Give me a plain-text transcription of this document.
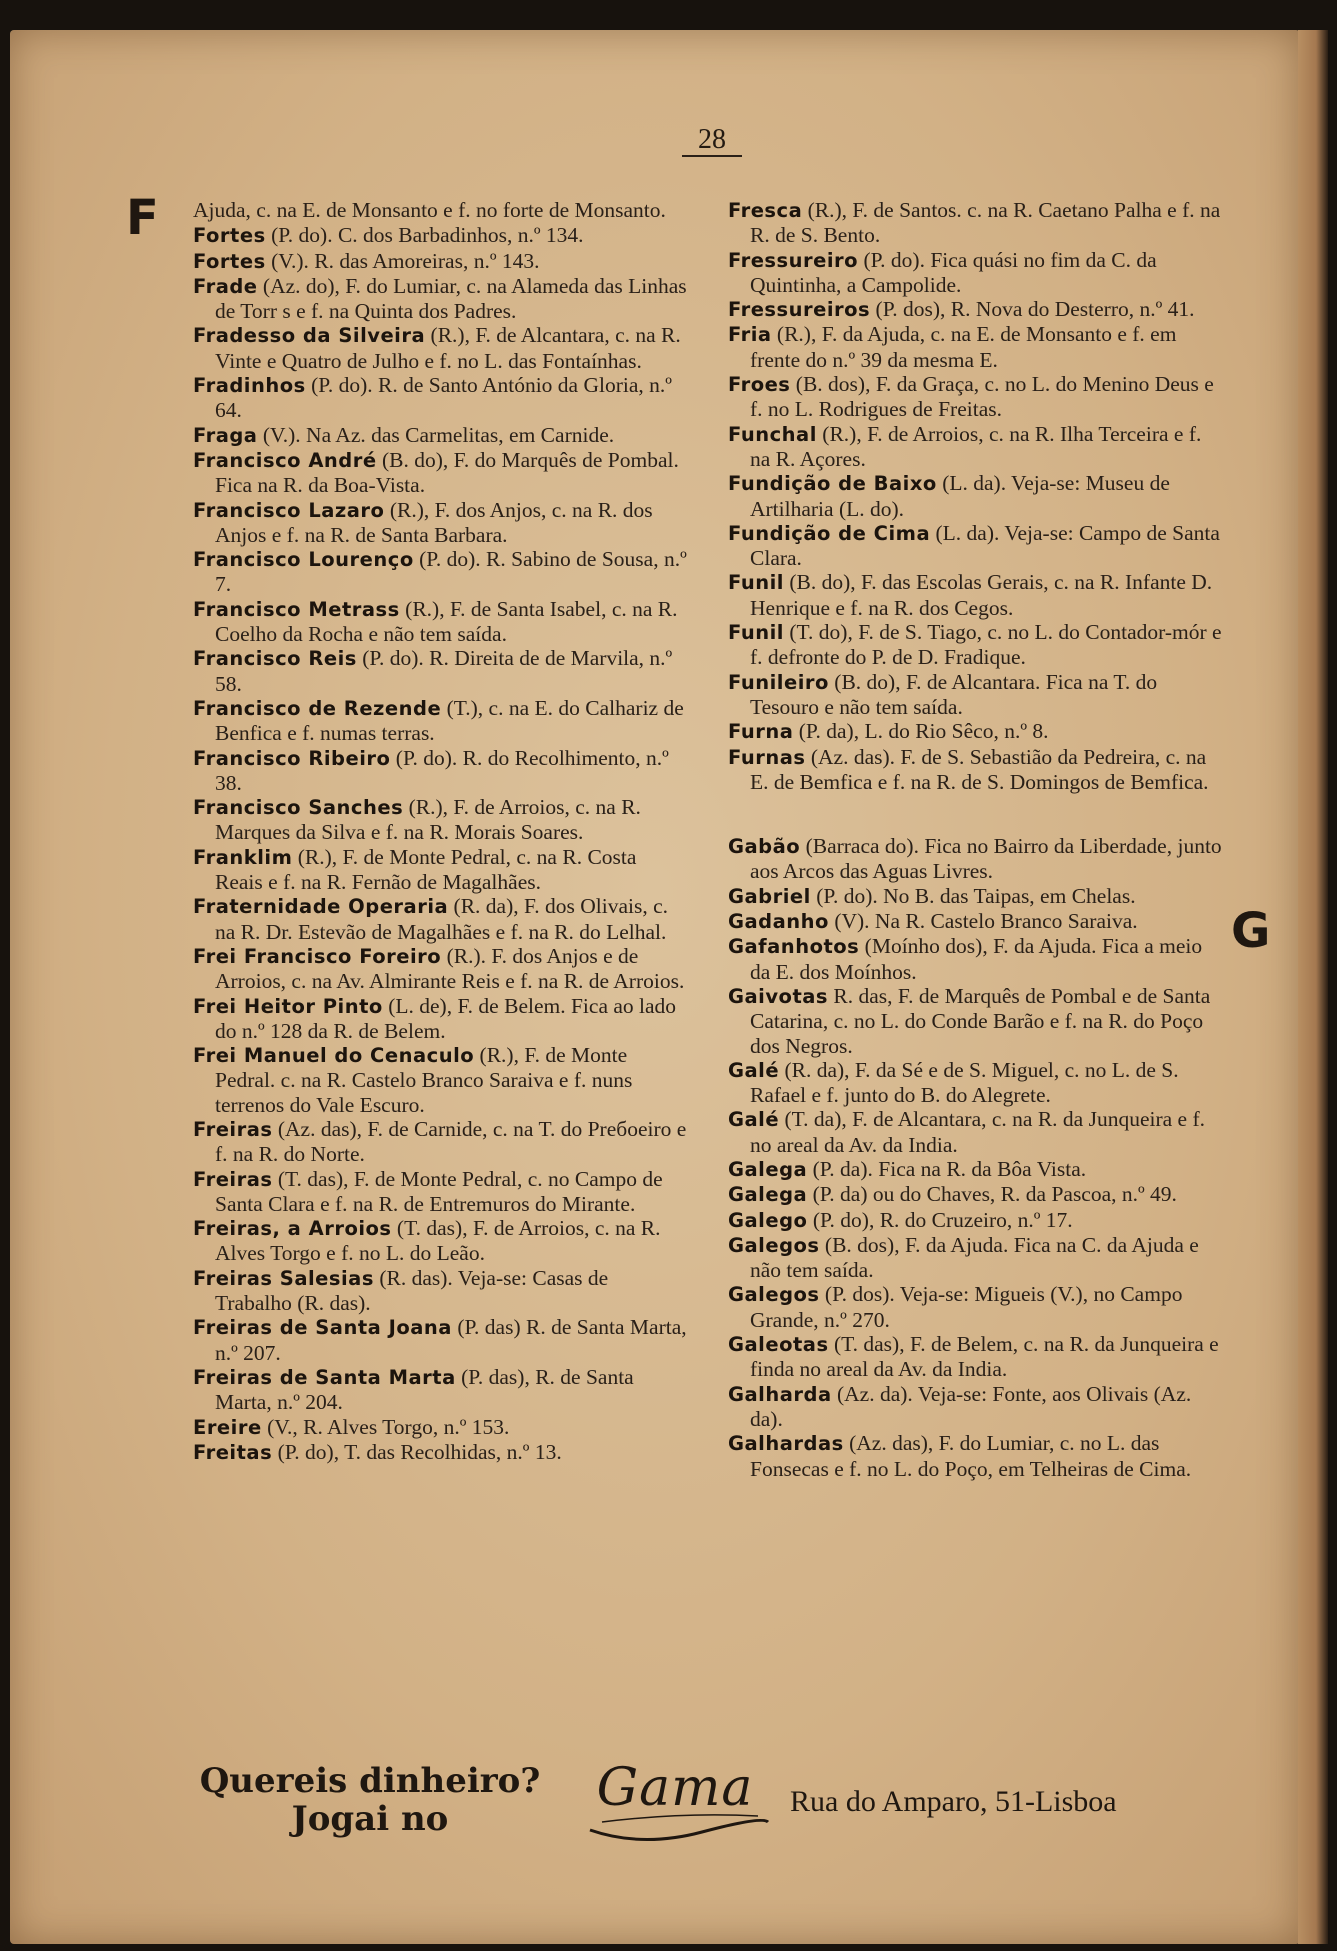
28
F
G

Ajuda, c. na E. de Monsanto e f. no forte de Monsanto.

Fortes (P. do). C. dos Barbadinhos, n.º 134.

Fortes (V.). R. das Amoreiras, n.º 143.

Frade (Az. do), F. do Lumiar, c. na Alameda das Linhas de Torr s e f. na Quinta dos Padres.

Fradesso da Silveira (R.), F. de Alcantara, c. na R. Vinte e Quatro de Julho e f. no L. das Fontaínhas.

Fradinhos (P. do). R. de Santo António da Gloria, n.º 64.

Fraga (V.). Na Az. das Carmelitas, em Carnide.

Francisco André (B. do), F. do Marquês de Pombal. Fica na R. da Boa-Vista.

Francisco Lazaro (R.), F. dos Anjos, c. na R. dos Anjos e f. na R. de Santa Barbara.

Francisco Lourenço (P. do). R. Sabino de Sousa, n.º 7.

Francisco Metrass (R.), F. de Santa Isabel, c. na R. Coelho da Rocha e não tem saída.

Francisco Reis (P. do). R. Direita de de Marvila, n.º 58.

Francisco de Rezende (T.), c. na E. do Calhariz de Benfica e f. numas terras.

Francisco Ribeiro (P. do). R. do Recolhimento, n.º 38.

Francisco Sanches (R.), F. de Arroios, c. na R. Marques da Silva e f. na R. Morais Soares.

Franklim (R.), F. de Monte Pedral, c. na R. Costa Reais e f. na R. Fernão de Magalhães.

Fraternidade Operaria (R. da), F. dos Olivais, c. na R. Dr. Estevão de Magalhães e f. na R. do Lelhal.

Frei Francisco Foreiro (R.). F. dos Anjos e de Arroios, c. na Av. Almirante Reis e f. na R. de Arroios.

Frei Heitor Pinto (L. de), F. de Belem. Fica ao lado do n.º 128 da R. de Belem.

Frei Manuel do Cenaculo (R.), F. de Monte Pedral. c. na R. Castelo Branco Saraiva e f. nuns terrenos do Vale Escuro.

Freiras (Az. das), F. de Carnide, c. na T. do Preбoeiro e f. na R. do Norte.

Freiras (T. das), F. de Monte Pedral, c. no Campo de Santa Clara e f. na R. de Entremuros do Mirante.

Freiras, a Arroios (T. das), F. de Arroios, c. na R. Alves Torgo e f. no L. do Leão.

Freiras Salesias (R. das). Veja-se: Casas de Trabalho (R. das).

Freiras de Santa Joana (P. das) R. de Santa Marta, n.º 207.

Freiras de Santa Marta (P. das), R. de Santa Marta, n.º 204.

Ereire (V., R. Alves Torgo, n.º 153.

Freitas (P. do), T. das Recolhidas, n.º 13.

Fresca (R.), F. de Santos. c. na R. Caetano Palha e f. na R. de S. Bento.

Fressureiro (P. do). Fica quási no fim da C. da Quintinha, a Campolide.

Fressureiros (P. dos), R. Nova do Desterro, n.º 41.

Fria (R.), F. da Ajuda, c. na E. de Monsanto e f. em frente do n.º 39 da mesma E.

Froes (B. dos), F. da Graça, c. no L. do Menino Deus e f. no L. Rodrigues de Freitas.

Funchal (R.), F. de Arroios, c. na R. Ilha Terceira e f. na R. Açores.

Fundição de Baixo (L. da). Veja-se: Museu de Artilharia (L. do).

Fundição de Cima (L. da). Veja-se: Campo de Santa Clara.

Funil (B. do), F. das Escolas Gerais, c. na R. Infante D. Henrique e f. na R. dos Cegos.

Funil (T. do), F. de S. Tiago, c. no L. do Contador-mór e f. defronte do P. de D. Fradique.

Funileiro (B. do), F. de Alcantara. Fica na T. do Tesouro e não tem saída.

Furna (P. da), L. do Rio Sêco, n.º 8.

Furnas (Az. das). F. de S. Sebastião da Pedreira, c. na E. de Bemfica e f. na R. de S. Domingos de Bemfica.

Gabão (Barraca do). Fica no Bairro da Liberdade, junto aos Arcos das Aguas Livres.

Gabriel (P. do). No B. das Taipas, em Chelas.

Gadanho (V). Na R. Castelo Branco Saraiva.

Gafanhotos (Moínho dos), F. da Ajuda. Fica a meio da E. dos Moínhos.

Gaivotas R. das, F. de Marquês de Pombal e de Santa Catarina, c. no L. do Conde Barão e f. na R. do Poço dos Negros.

Galé (R. da), F. da Sé e de S. Miguel, c. no L. de S. Rafael e f. junto do B. do Alegrete.

Galé (T. da), F. de Alcantara, c. na R. da Junqueira e f. no areal da Av. da India.

Galega (P. da). Fica na R. da Bôa Vista.

Galega (P. da) ou do Chaves, R. da Pascoa, n.º 49.

Galego (P. do), R. do Cruzeiro, n.º 17.

Galegos (B. dos), F. da Ajuda. Fica na C. da Ajuda e não tem saída.

Galegos (P. dos). Veja-se: Migueis (V.), no Campo Grande, n.º 270.

Galeotas (T. das), F. de Belem, c. na R. da Junqueira e finda no areal da Av. da India.

Galharda (Az. da). Veja-se: Fonte, aos Olivais (Az. da).

Galhardas (Az. das), F. do Lumiar, c. no L. das Fonsecas e f. no L. do Poço, em Telheiras de Cima.

Quereis dinheiro?
Jogai no
Gama Rua do Amparo, 51-Lisboa
